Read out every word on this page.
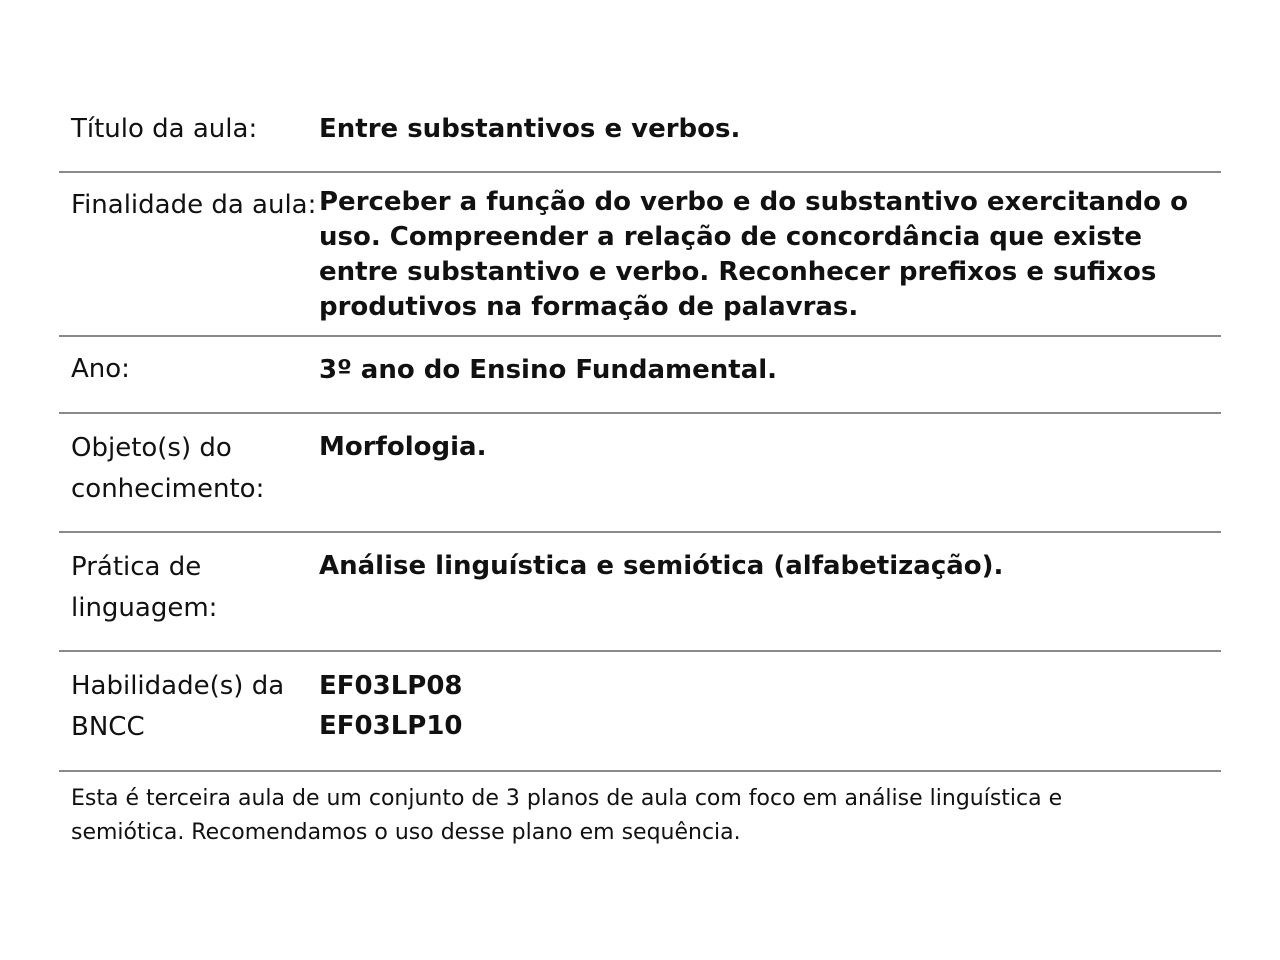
Título da aula:	Entre substantivos e verbos.
Finalidade da aula: Perceber a função do verbo e do substantivo exercitando o uso. Compreender a relação de concordância que existe entre substantivo e verbo. Reconhecer prefixos e sufixos produtivos na formação de palavras.
Ano:	3º ano do Ensino Fundamental.
Objeto(s) do conhecimento:
Morfologia.
Prática de linguagem:
Análise linguística e semiótica (alfabetização).
Habilidade(s) da BNCC
EF03LP08
EF03LP10
Esta é terceira aula de um conjunto de 3 planos de aula com foco em análise linguística e semiótica. Recomendamos o uso desse plano em sequência.
